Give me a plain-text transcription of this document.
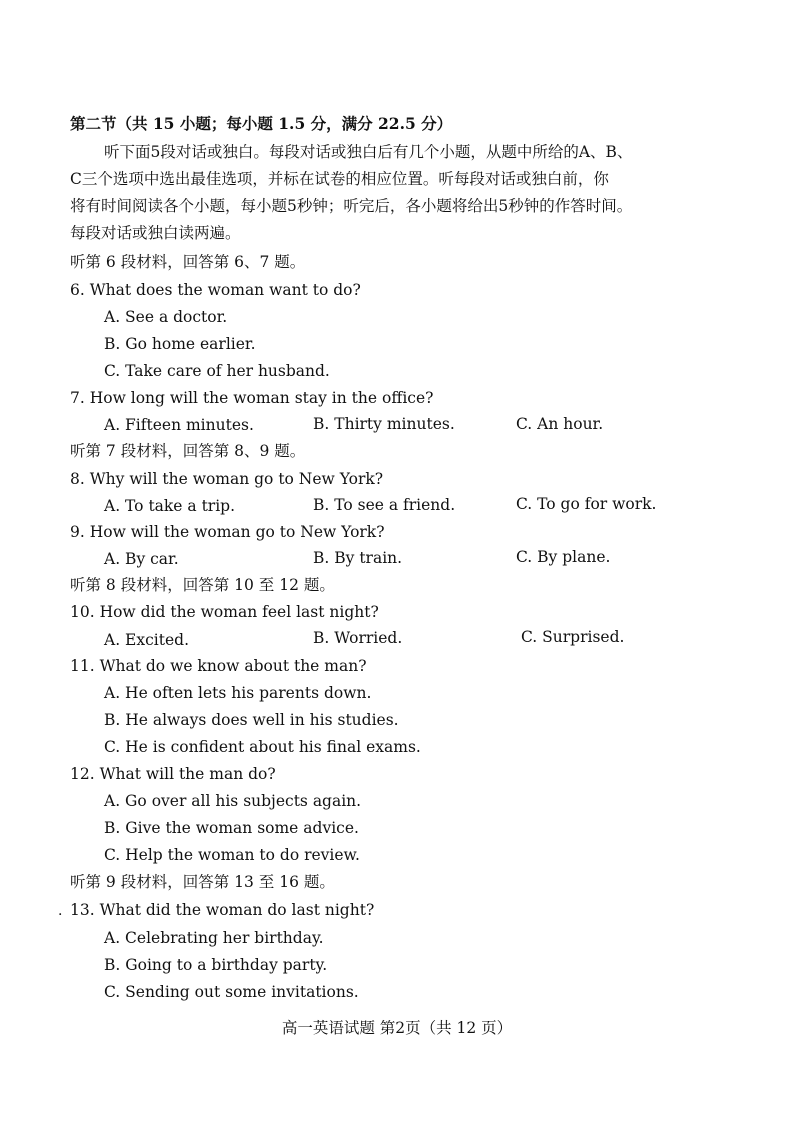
第二节（共 15 小题；每小题 1.5 分，满分 22.5 分）
听下面5段对话或独白。每段对话或独白后有几个小题，从题中所给的A、B、
C三个选项中选出最佳选项，并标在试卷的相应位置。听每段对话或独白前，你
将有时间阅读各个小题，每小题5秒钟；听完后，各小题将给出5秒钟的作答时间。
每段对话或独白读两遍。
听第 6 段材料，回答第 6、7 题。
6. What does the woman want to do?
A. See a doctor.
B. Go home earlier.
C. Take care of her husband.
7. How long will the woman stay in the office?
A. Fifteen minutes.	B. Thirty minutes.	C. An hour.
听第 7 段材料，回答第 8、9 题。
8. Why will the woman go to New York?
A. To take a trip.	B. To see a friend.	C. To go for work.
9. How will the woman go to New York?
A. By car.	B. By train.	C. By plane.
听第 8 段材料，回答第 10 至 12 题。
10. How did the woman feel last night?
A. Excited.	B. Worried.	C. Surprised.
11. What do we know about the man?
A. He often lets his parents down.
B. He always does well in his studies.
C. He is confident about his final exams.
12. What will the man do?
A. Go over all his subjects again.
B. Give the woman some advice.
C. Help the woman to do review.
听第 9 段材料，回答第 13 至 16 题。
· 13. What did the woman do last night?
A. Celebrating her birthday.
B. Going to a birthday party.
C. Sending out some invitations.
高一英语试题 第2页（共 12 页）
